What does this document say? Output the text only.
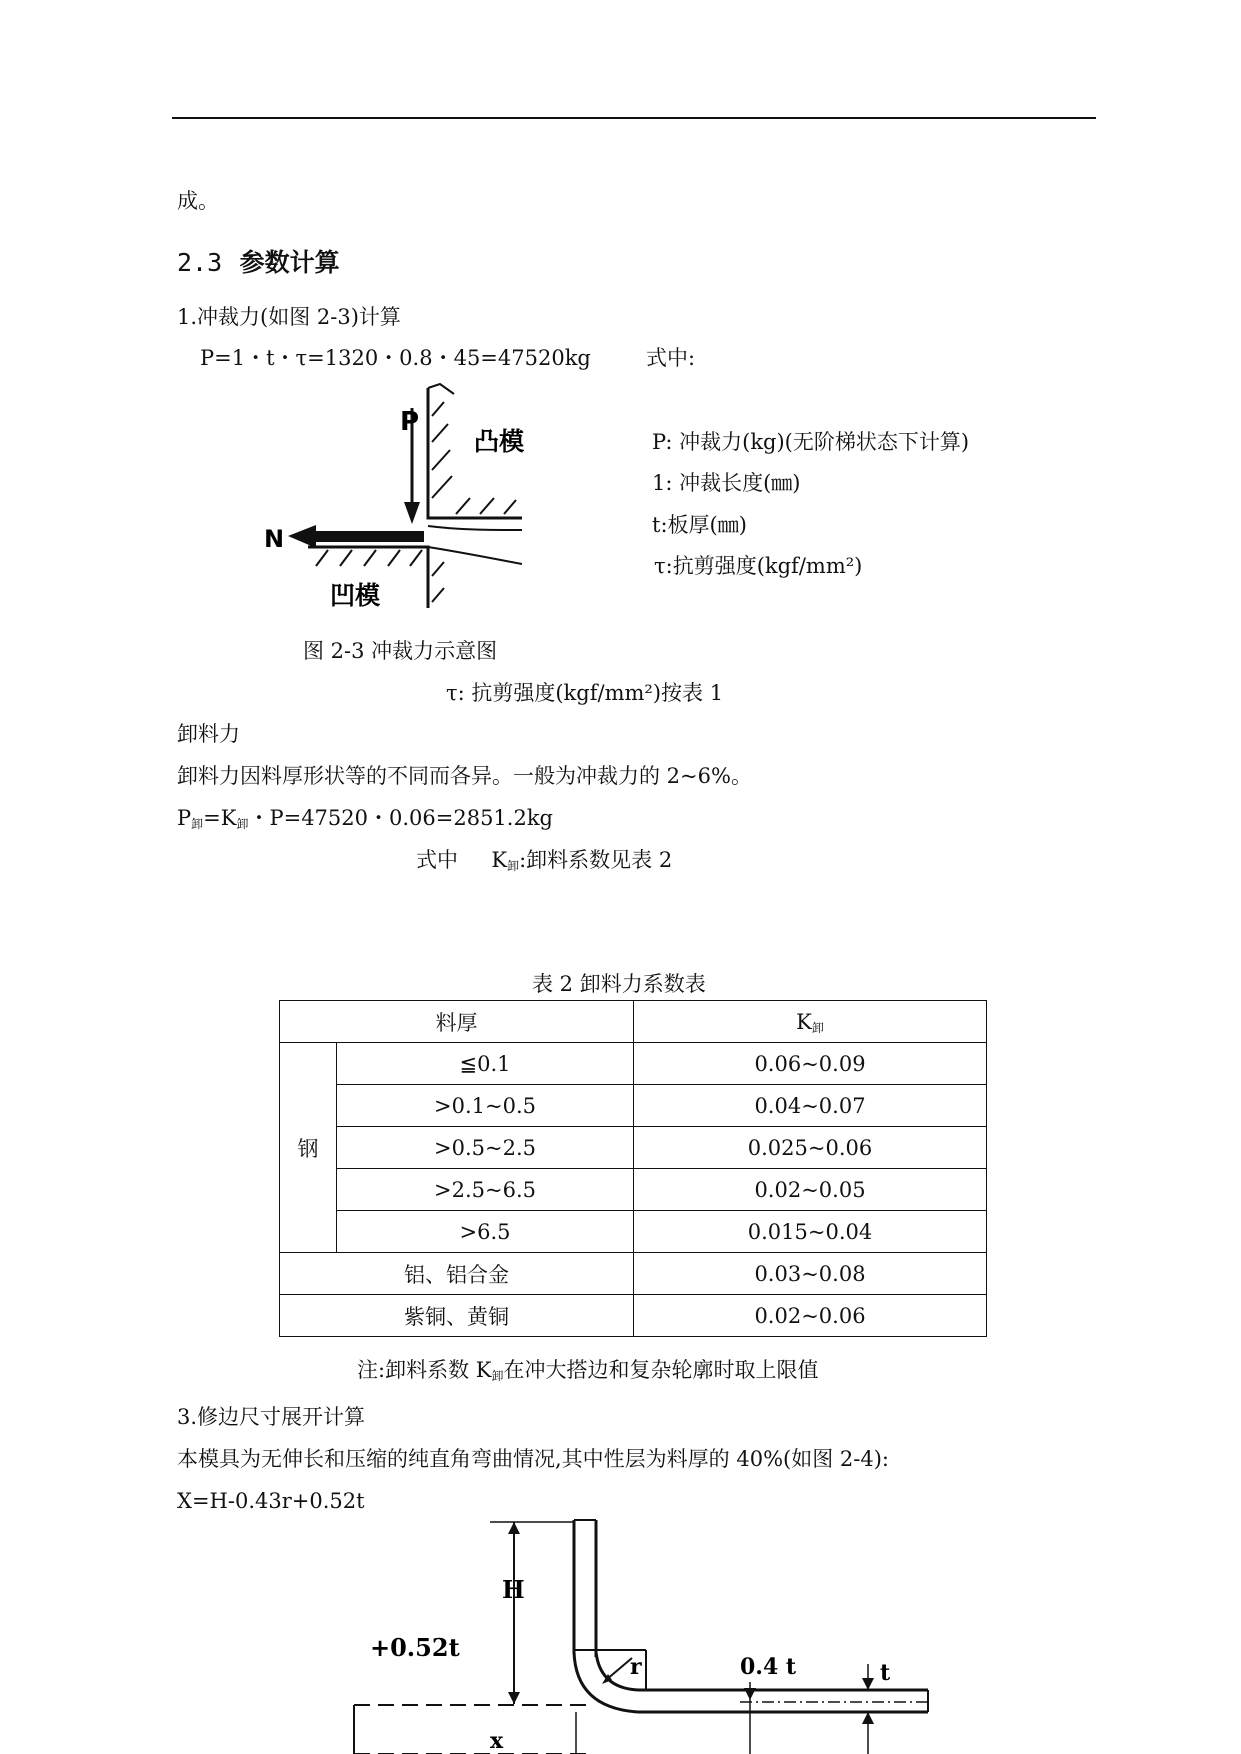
成。
2.3 参数计算
1.冲裁力(如图 2-3)计算
P=1・t・τ=1320・0.8・45=47520kg	式中:
P
N
凸模
凹模
P: 冲裁力(kg)(无阶梯状态下计算)
1: 冲裁长度(㎜)
t:板厚(㎜)
τ:抗剪强度(kgf/mm²)
图 2-3 冲裁力示意图
τ: 抗剪强度(kgf/mm²)按表 1
卸料力
卸料力因料厚形状等的不同而各异。一般为冲裁力的 2~6%。
P卸=K卸・P=47520・0.06=2851.2kg
式中 K卸:卸料系数见表 2
表 2 卸料力系数表
料厚		K卸
钢	≦0.1	0.06~0.09
	>0.1~0.5	0.04~0.07
	>0.5~2.5	0.025~0.06
	>2.5~6.5	0.02~0.05
	>6.5	0.015~0.04
铝、铝合金		0.03~0.08
紫铜、黄铜		0.02~0.06
注:卸料系数 K卸在冲大搭边和复杂轮廓时取上限值
3.修边尺寸展开计算
本模具为无伸长和压缩的纯直角弯曲情况,其中性层为料厚的 40%(如图 2-4):
X=H-0.43r+0.52t
r
H
+0.52t
0.4 t	t
x
